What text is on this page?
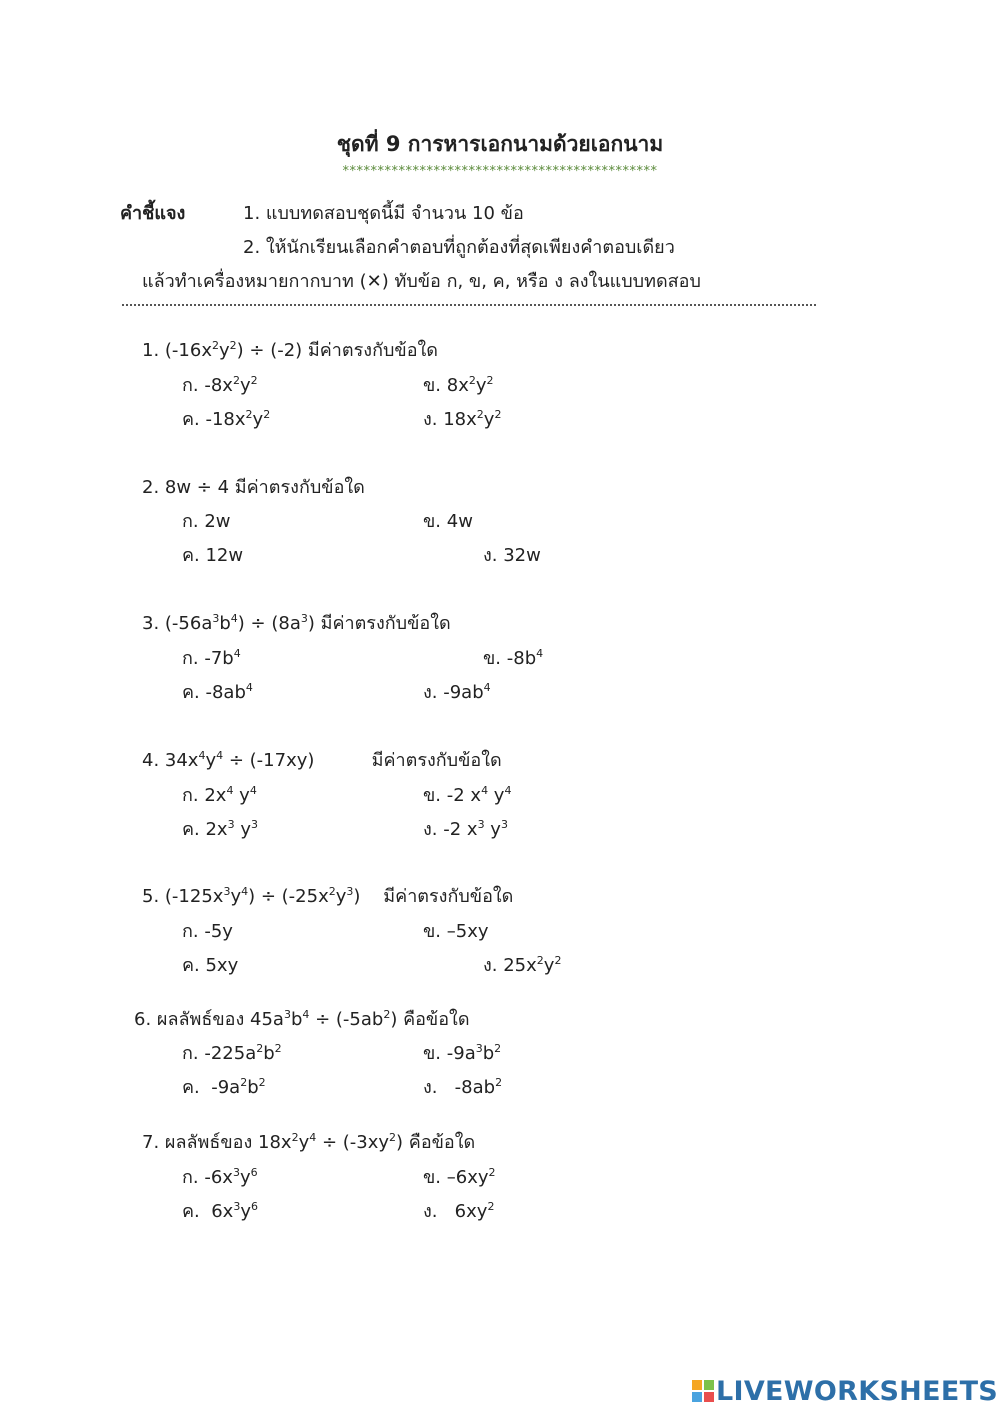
ชุดที่ 9 การหารเอกนามด้วยเอกนาม
*********************************************
คำชี้แจง	1. แบบทดสอบชุดนี้มี จำนวน 10 ข้อ
2. ให้นักเรียนเลือกคำตอบที่ถูกต้องที่สุดเพียงคำตอบเดียว
แล้วทำเครื่องหมายกากบาท (✕) ทับข้อ ก, ข, ค, หรือ ง ลงในแบบทดสอบ
1. $(-16x^2y^2) \div (-2)$ มีค่าตรงกับข้อใด
ก. $-8x^2y^2$	ข. $8x^2y^2$
ค. $-18x^2y^2$	ง. $18x^2y^2$
2. 8w ÷ 4 มีค่าตรงกับข้อใด
ก. 2w	ข. 4w
ค. 12w	ง. 32w
3. $(-56a^3b^4) \div (8a^3)$ มีค่าตรงกับข้อใด
ก. $-7b^4$	ข. $-8b^4$
ค. $-8ab^4$	ง. $-9ab^4$
4. $34x^4y^4 \div (-17xy)$          มีค่าตรงกับข้อใด
ก. $2x^4$ $y^4$	ข. -2 $x^4$ $y^4$
ค. $2x^3$ $y^3$	ง. -2 $x^3$ $y^3$
5. $(-125x^3y^4) \div (-25x^2y^3)$    มีค่าตรงกับข้อใด
ก. -5y	ข. –5xy
ค. 5xy	ง. $25x^2y^2$
6. ผลลัพธ์ของ $45a^3b^4 \div (-5ab^2)$ คือข้อใด
ก. $-225a^2b^2$	ข. $-9a^3b^2$
ค.  $-9a^2b^2$	ง.   $-8ab^2$
7. ผลลัพธ์ของ $18x^2y^4 \div (-3xy^2)$ คือข้อใด
ก. $-6x^3y^6$	ข. $-6xy^2$
ค.  $6x^3y^6$	ง.   $6xy^2$
LIVEWORKSHEETS
